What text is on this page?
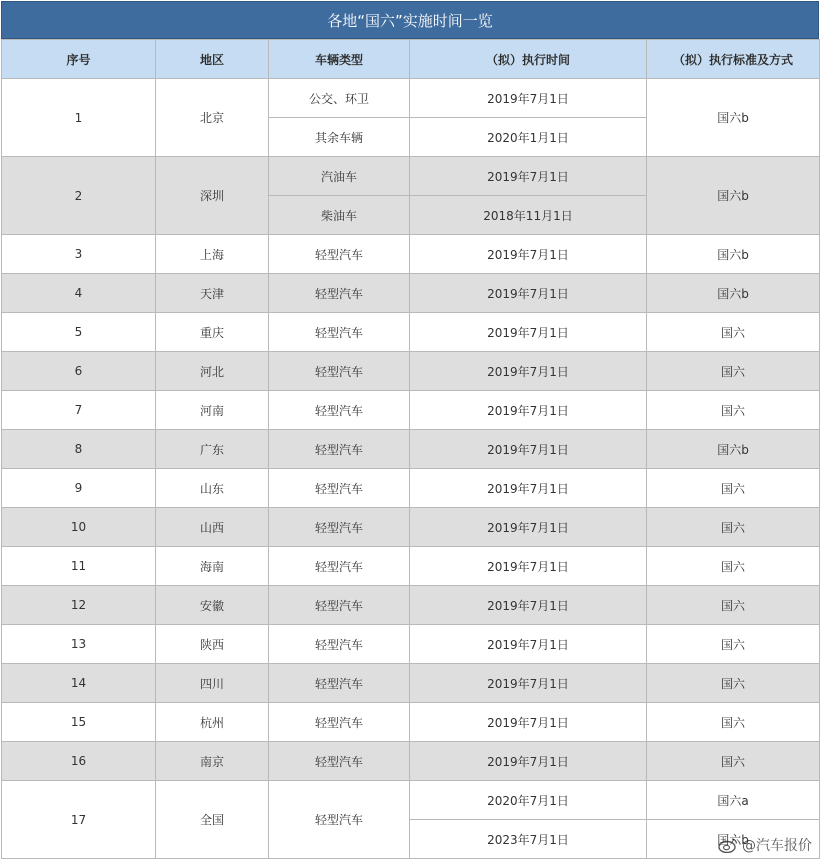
各地“国六”实施时间一览
序号	地区	车辆类型	（拟）执行时间	（拟）执行标准及方式
1	北京	公交、环卫	2019年7月1日	国六b
		其余车辆	2020年1月1日	
2	深圳	汽油车	2019年7月1日	国六b
		柴油车	2018年11月1日	
3	上海	轻型汽车	2019年7月1日	国六b
4	天津	轻型汽车	2019年7月1日	国六b
5	重庆	轻型汽车	2019年7月1日	国六
6	河北	轻型汽车	2019年7月1日	国六
7	河南	轻型汽车	2019年7月1日	国六
8	广东	轻型汽车	2019年7月1日	国六b
9	山东	轻型汽车	2019年7月1日	国六
10	山西	轻型汽车	2019年7月1日	国六
11	海南	轻型汽车	2019年7月1日	国六
12	安徽	轻型汽车	2019年7月1日	国六
13	陕西	轻型汽车	2019年7月1日	国六
14	四川	轻型汽车	2019年7月1日	国六
15	杭州	轻型汽车	2019年7月1日	国六
16	南京	轻型汽车	2019年7月1日	国六
17	全国	轻型汽车	2020年7月1日	国六a
			2023年7月1日	国六b
@汽车报价
